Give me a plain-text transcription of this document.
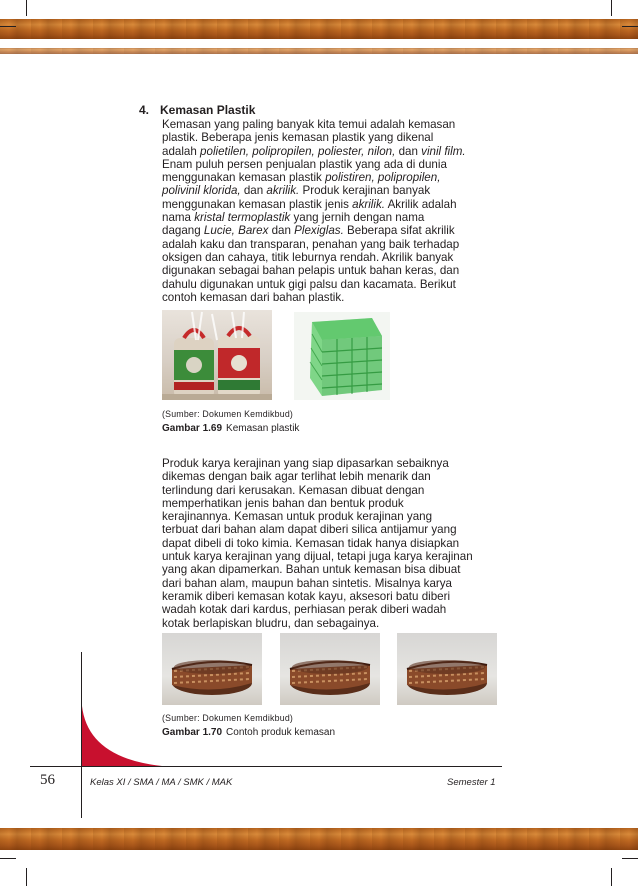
4. Kemasan Plastik
Kemasan yang paling banyak kita temui adalah kemasan
plastik. Beberapa jenis kemasan plastik yang dikenal
adalah polietilen, polipropilen, poliester, nilon, dan vinil film.
Enam puluh persen penjualan plastik yang ada di dunia
menggunakan kemasan plastik polistiren, polipropilen,
polivinil klorida, dan akrilik. Produk kerajinan banyak
menggunakan kemasan plastik jenis akrilik. Akrilik adalah
nama kristal termoplastik yang jernih dengan nama
dagang Lucie, Barex dan Plexiglas. Beberapa sifat akrilik
adalah kaku dan transparan, penahan yang baik terhadap
oksigen dan cahaya, titik leburnya rendah. Akrilik banyak
digunakan sebagai bahan pelapis untuk bahan keras, dan
dahulu digunakan untuk gigi palsu dan kacamata. Berikut
contoh kemasan dari bahan plastik.
(Sumber: Dokumen Kemdikbud)
Gambar 1.69 Kemasan plastik
Produk karya kerajinan yang siap dipasarkan sebaiknya
dikemas dengan baik agar terlihat lebih menarik dan
terlindung dari kerusakan. Kemasan dibuat dengan
memperhatikan jenis bahan dan bentuk produk
kerajinannya. Kemasan untuk produk kerajinan yang
terbuat dari bahan alam dapat diberi silica antijamur yang
dapat dibeli di toko kimia. Kemasan tidak hanya disiapkan
untuk karya kerajinan yang dijual, tetapi juga karya kerajinan
yang akan dipamerkan. Bahan untuk kemasan bisa dibuat
dari bahan alam, maupun bahan sintetis. Misalnya karya
keramik diberi kemasan kotak kayu, aksesori batu diberi
wadah kotak dari kardus, perhiasan perak diberi wadah
kotak berlapiskan bludru, dan sebagainya.
(Sumber: Dokumen Kemdikbud)
Gambar 1.70 Contoh produk kemasan
56	Kelas XI / SMA / MA / SMK / MAK	Semester 1
